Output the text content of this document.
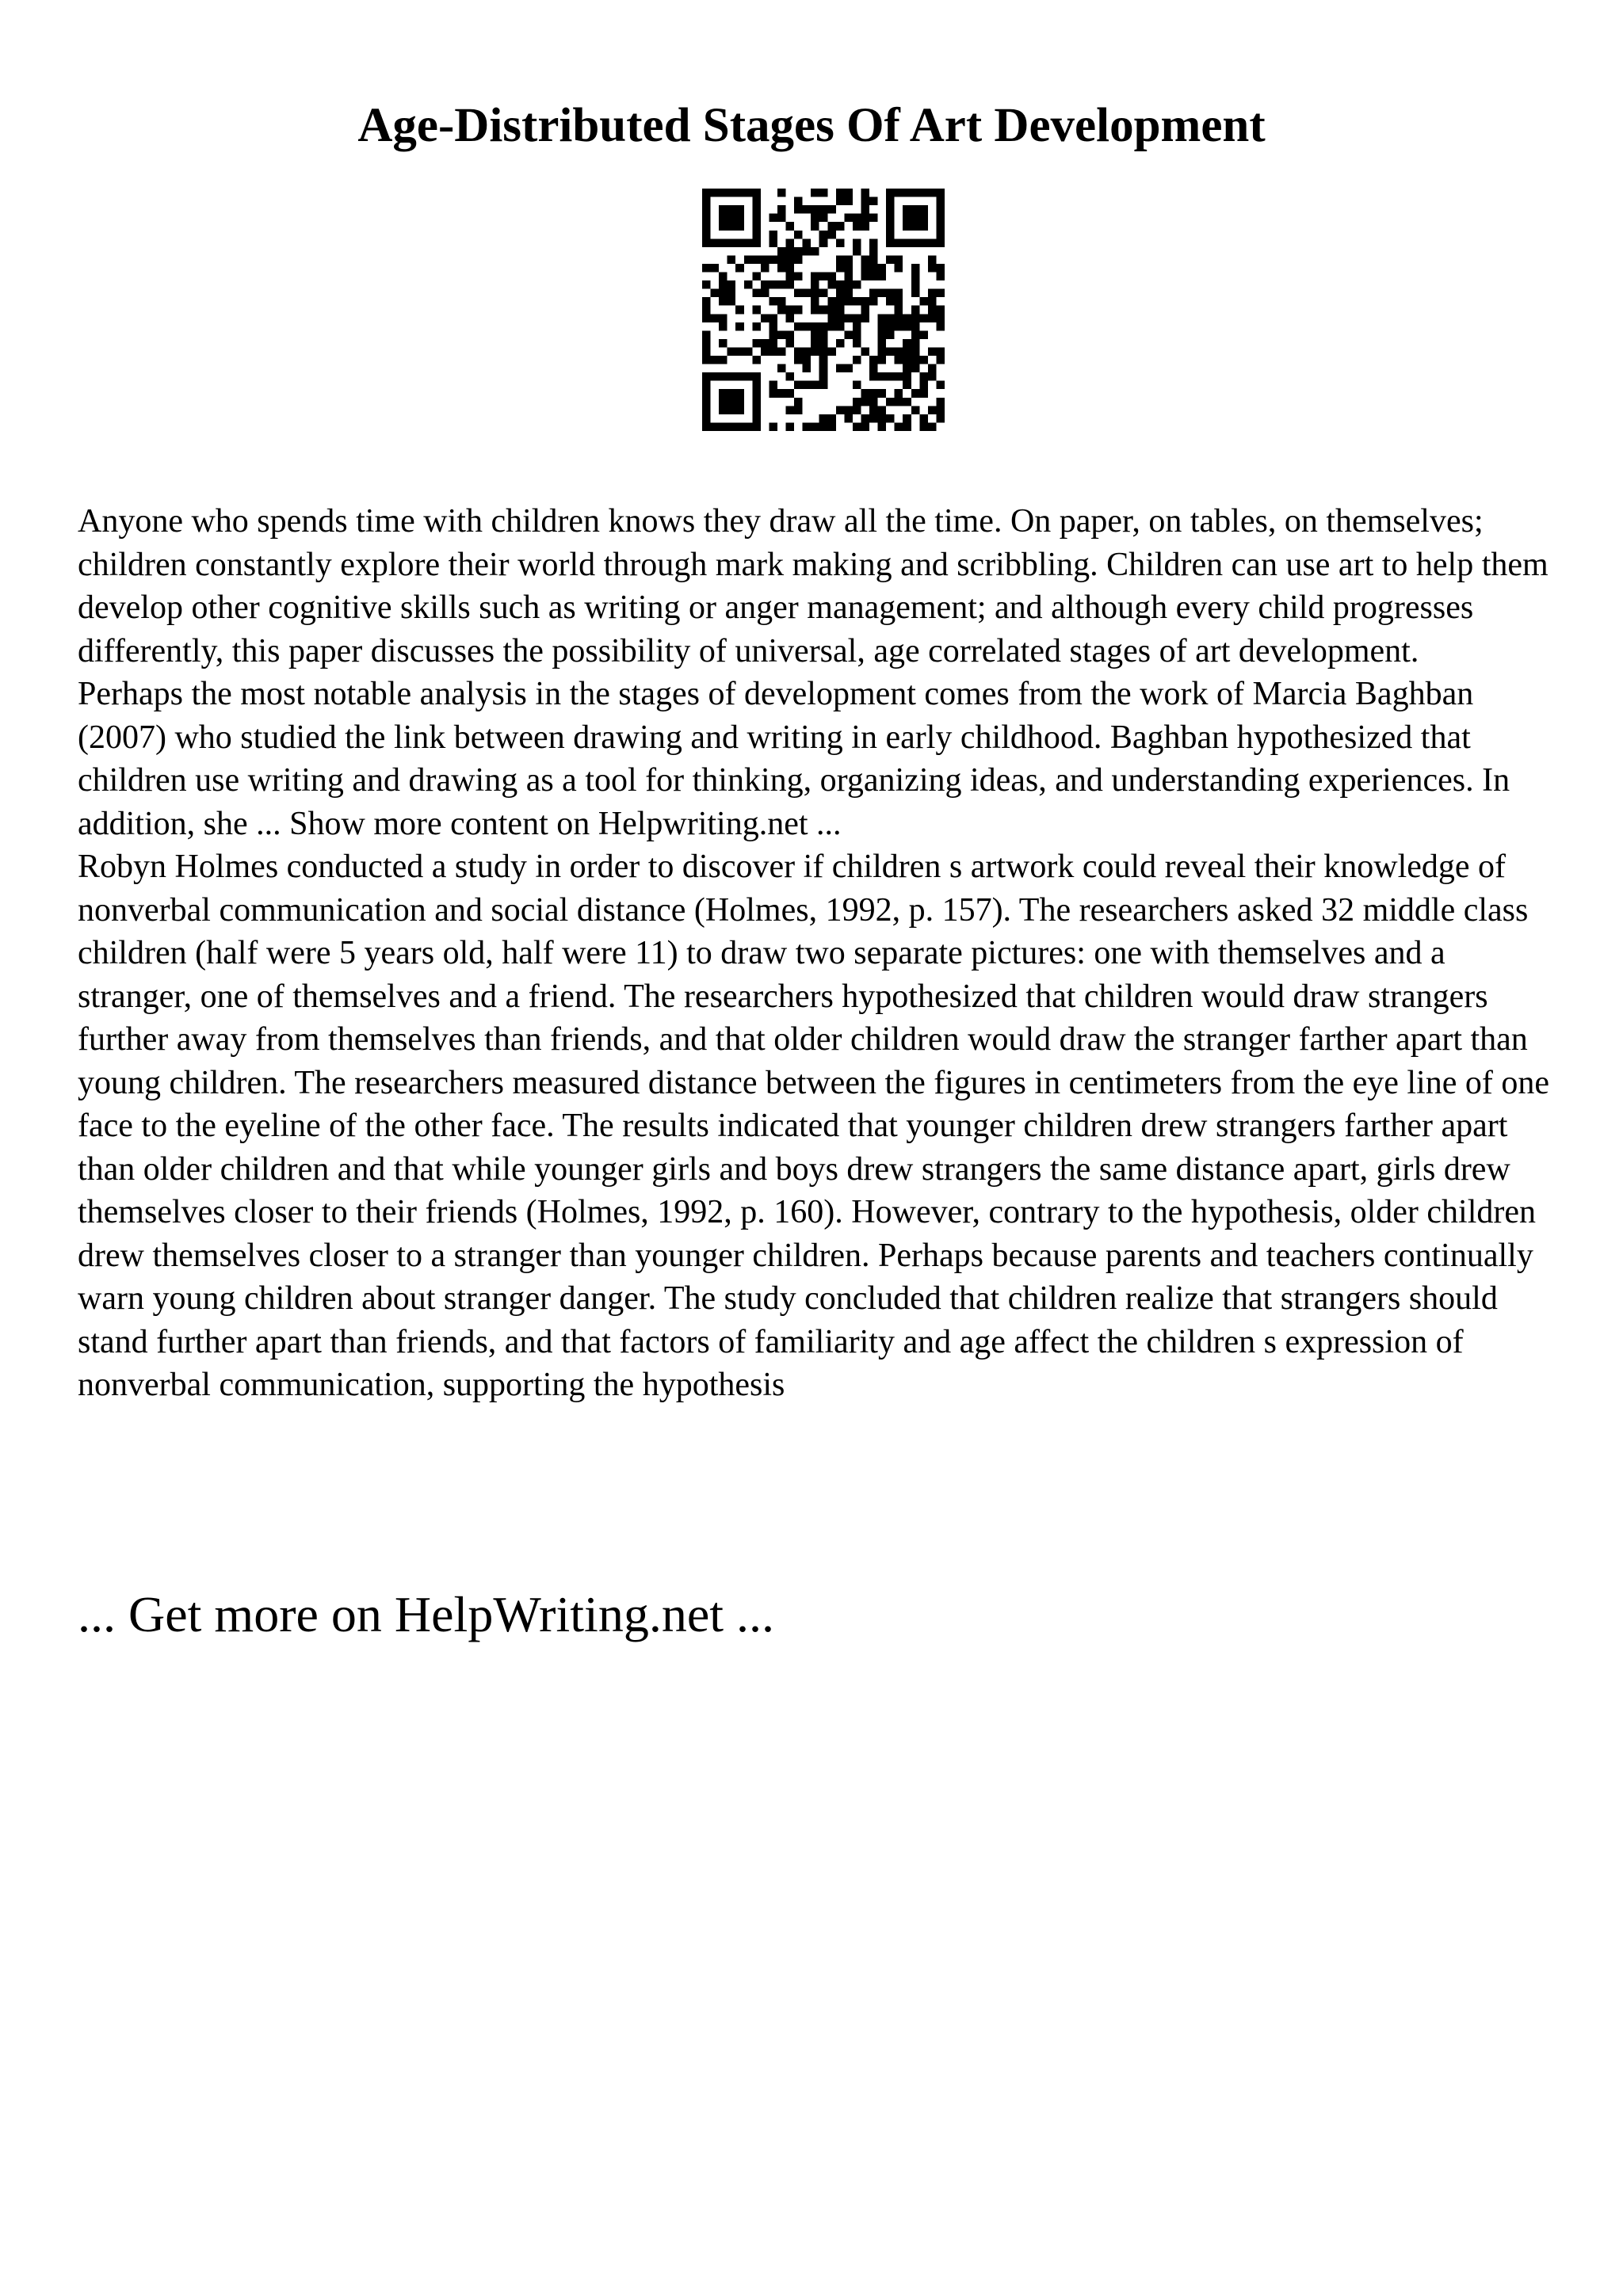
Age-Distributed Stages Of Art Development

Anyone who spends time with children knows they draw all the time. On paper, on tables, on themselves; children constantly explore their world through mark making and scribbling. Children can use art to help them develop other cognitive skills such as writing or anger management; and although every child progresses differently, this paper discusses the possibility of universal, age correlated stages of art development.

Perhaps the most notable analysis in the stages of development comes from the work of Marcia Baghban (2007) who studied the link between drawing and writing in early childhood. Baghban hypothesized that children use writing and drawing as a tool for thinking, organizing ideas, and understanding experiences. In addition, she ... Show more content on Helpwriting.net ...

Robyn Holmes conducted a study in order to discover if children s artwork could reveal their knowledge of nonverbal communication and social distance (Holmes, 1992, p. 157). The researchers asked 32 middle class children (half were 5 years old, half were 11) to draw two separate pictures: one with themselves and a stranger, one of themselves and a friend. The researchers hypothesized that children would draw strangers further away from themselves than friends, and that older children would draw the stranger farther apart than young children. The researchers measured distance between the figures in centimeters from the eye line of one face to the eyeline of the other face. The results indicated that younger children drew strangers farther apart than older children and that while younger girls and boys drew strangers the same distance apart, girls drew themselves closer to their friends (Holmes, 1992, p. 160). However, contrary to the hypothesis, older children drew themselves closer to a stranger than younger children. Perhaps because parents and teachers continually warn young children about stranger danger. The study concluded that children realize that strangers should stand further apart than friends, and that factors of familiarity and age affect the children s expression of nonverbal communication, supporting the hypothesis

... Get more on HelpWriting.net ...
